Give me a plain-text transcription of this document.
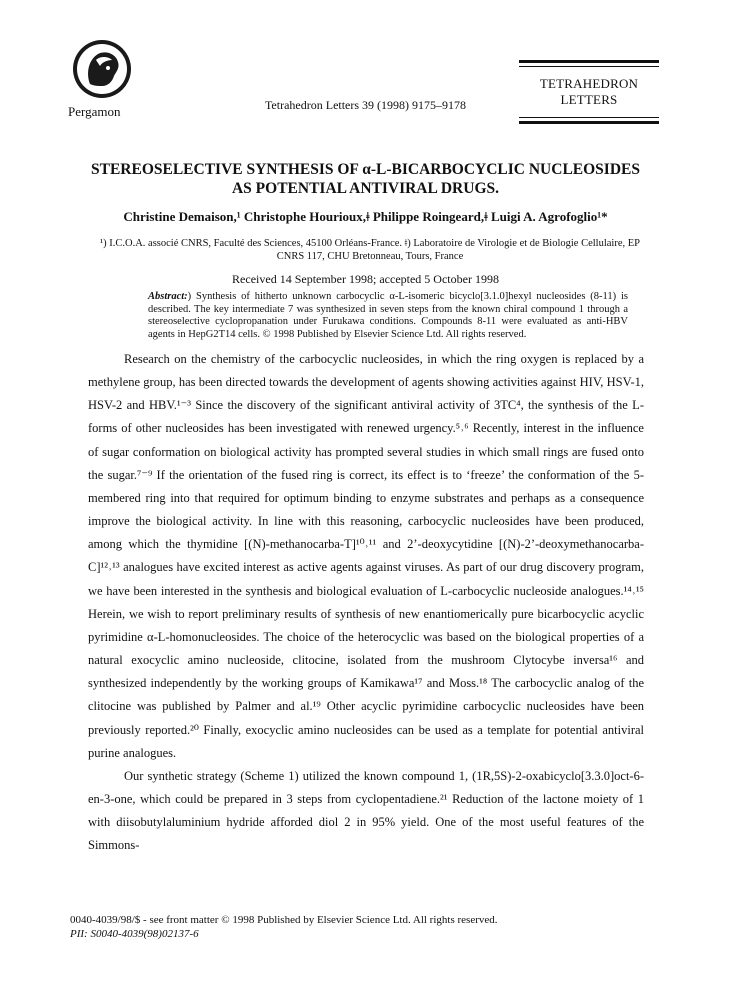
Pergamon	Tetrahedron Letters 39 (1998) 9175–9178
TETRAHEDRON
LETTERS
STEREOSELECTIVE SYNTHESIS OF α-L-BICARBOCYCLIC NUCLEOSIDES
AS POTENTIAL ANTIVIRAL DRUGS.
Christine Demaison,¹ Christophe Hourioux,ǂ Philippe Roingeard,ǂ Luigi A. Agrofoglio¹*
¹) I.C.O.A. associé CNRS, Faculté des Sciences, 45100 Orléans-France. ǂ) Laboratoire de Virologie et de Biologie Cellulaire, EP
CNRS 117, CHU Bretonneau, Tours, France
Received 14 September 1998; accepted 5 October 1998
Abstract:) Synthesis of hitherto unknown carbocyclic α-L-isomeric bicyclo[3.1.0]hexyl nucleosides (8-11) is described. The key intermediate 7 was synthesized in seven steps from the known chiral compound 1 through a stereoselective cyclopropanation under Furukawa conditions. Compounds 8-11 were evaluated as anti-HBV agents in HepG2T14 cells. © 1998 Published by Elsevier Science Ltd. All rights reserved.

Research on the chemistry of the carbocyclic nucleosides, in which the ring oxygen is replaced by a methylene group, has been directed towards the development of agents showing activities against HIV, HSV-1, HSV-2 and HBV.¹⁻³ Since the discovery of the significant antiviral activity of 3TC⁴, the synthesis of the L-forms of other nucleosides has been investigated with renewed urgency.⁵˒⁶ Recently, interest in the influence of sugar conformation on biological activity has prompted several studies in which small rings are fused onto the sugar.⁷⁻⁹ If the orientation of the fused ring is correct, its effect is to ‘freeze’ the conformation of the 5-membered ring into that required for optimum binding to enzyme substrates and perhaps as a consequence improve the biological activity. In line with this reasoning, carbocyclic nucleosides have been produced, among which the thymidine [(N)-methanocarba-T]¹⁰˒¹¹ and 2’-deoxycytidine [(N)-2’-deoxymethanocarba-C]¹²˒¹³ analogues have excited interest as active agents against viruses. As part of our drug discovery program, we have been interested in the synthesis and biological evaluation of L-carbocyclic nucleoside analogues.¹⁴˒¹⁵ Herein, we wish to report preliminary results of synthesis of new enantiomerically pure bicarbocyclic acyclic pyrimidine α-L-homonucleosides. The choice of the heterocyclic was based on the biological properties of a natural exocyclic amino nucleoside, clitocine, isolated from the mushroom Clytocybe inversa¹⁶ and synthesized independently by the working groups of Kamikawa¹⁷ and Moss.¹⁸ The carbocyclic analog of the clitocine was published by Palmer and al.¹⁹ Other acyclic pyrimidine carbocyclic nucleosides have been previously reported.²⁰ Finally, exocyclic amino nucleosides can be used as a template for potential antiviral purine analogues.

Our synthetic strategy (Scheme 1) utilized the known compound 1, (1R,5S)-2-oxabicyclo[3.3.0]oct-6-en-3-one, which could be prepared in 3 steps from cyclopentadiene.²¹ Reduction of the lactone moiety of 1 with diisobutylaluminium hydride afforded diol 2 in 95% yield. One of the most useful features of the Simmons-

0040-4039/98/$ - see front matter © 1998 Published by Elsevier Science Ltd. All rights reserved.
PII: S0040-4039(98)02137-6
